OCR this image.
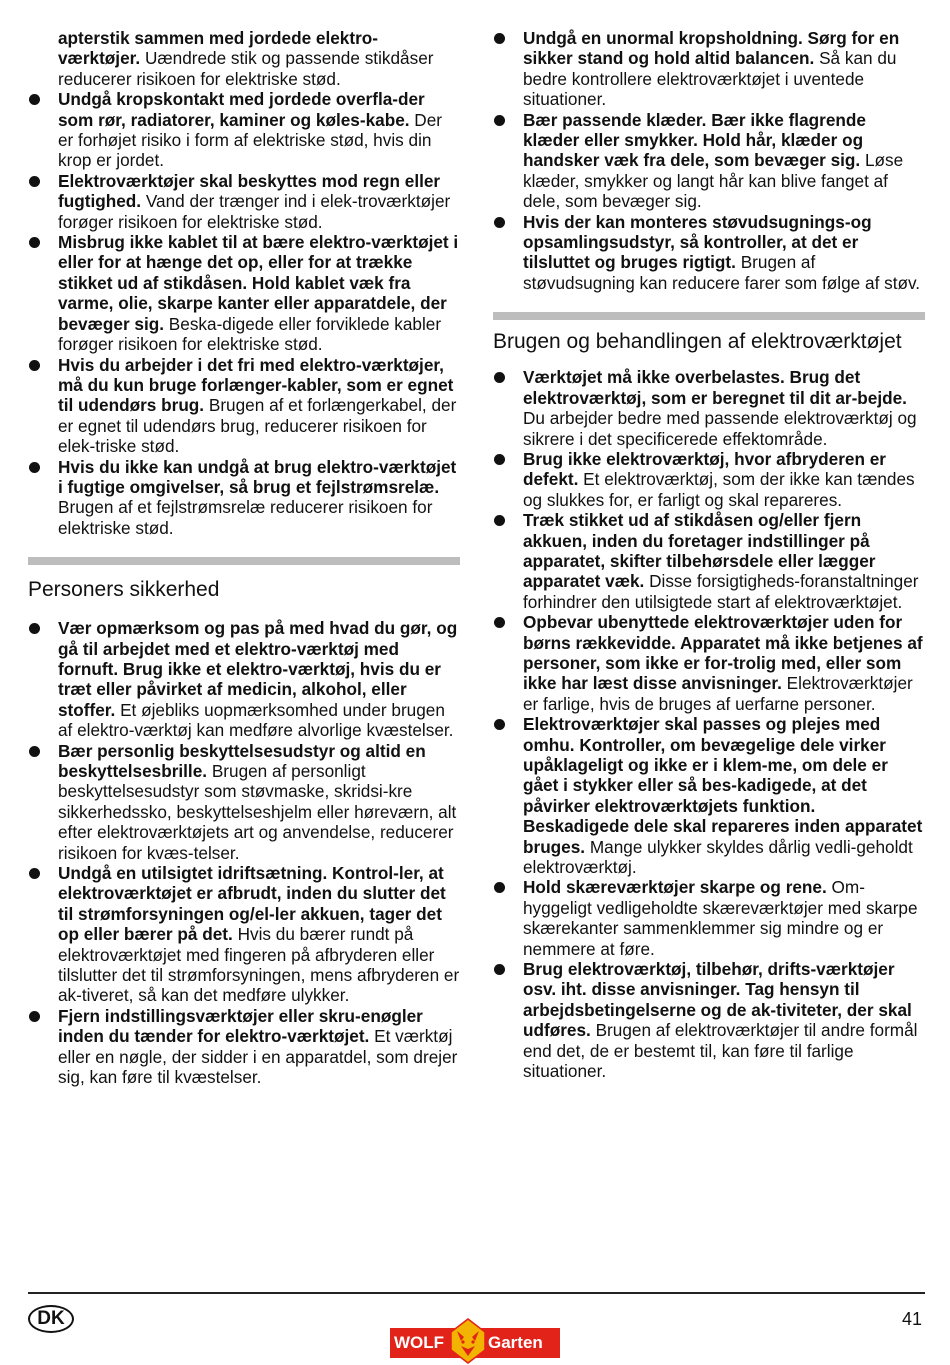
apterstik sammen med jordede elektro-værktøjer. Uændrede stik og passende stikdåser reducerer risikoen for elektriske stød.

Undgå kropskontakt med jordede overfla-der som rør, radiatorer, kaminer og køles-kabe. Der er forhøjet risiko i form af elektriske stød, hvis din krop er jordet.

Elektroværktøjer skal beskyttes mod regn eller fugtighed. Vand der trænger ind i elek-troværktøjer forøger risikoen for elektriske stød.

Misbrug ikke kablet til at bære elektro-værktøjet i eller for at hænge det op, eller for at trække stikket ud af stikdåsen. Hold kablet væk fra varme, olie, skarpe kanter eller apparatdele, der bevæger sig. Beska-digede eller forviklede kabler forøger risikoen for elektriske stød.

Hvis du arbejder i det fri med elektro-værktøjer, må du kun bruge forlænger-kabler, som er egnet til udendørs brug. Brugen af et forlængerkabel, der er egnet til udendørs brug, reducerer risikoen for elek-triske stød.

Hvis du ikke kan undgå at brug elektro-værktøjet i fugtige omgivelser, så brug et fejlstrømsrelæ. Brugen af et fejlstrømsrelæ reducerer risikoen for elektriske stød.

Personers sikkerhed

Vær opmærksom og pas på med hvad du gør, og gå til arbejdet med et elektro-værktøj med fornuft. Brug ikke et elektro-værktøj, hvis du er træt eller påvirket af medicin, alkohol, eller stoffer. Et øjebliks uopmærksomhed under brugen af elektro-værktøj kan medføre alvorlige kvæstelser.

Bær personlig beskyttelsesudstyr og altid en beskyttelsesbrille. Brugen af personligt beskyttelsesudstyr som støvmaske, skridsi-kre sikkerhedssko, beskyttelseshjelm eller høreværn, alt efter elektroværktøjets art og anvendelse, reducerer risikoen for kvæs-telser.

Undgå en utilsigtet idriftsætning. Kontrol-ler, at elektroværktøjet er afbrudt, inden du slutter det til strømforsyningen og/el-ler akkuen, tager det op eller bærer på det. Hvis du bærer rundt på elektroværktøjet med fingeren på afbryderen eller tilslutter det til strømforsyningen, mens afbryderen er ak-tiveret, så kan det medføre ulykker.

Fjern indstillingsværktøjer eller skru-enøgler inden du tænder for elektro-værktøjet. Et værktøj eller en nøgle, der sidder i en apparatdel, som drejer sig, kan føre til kvæstelser.

Undgå en unormal kropsholdning. Sørg for en sikker stand og hold altid balancen. Så kan du bedre kontrollere elektroværktøjet i uventede situationer.

Bær passende klæder. Bær ikke flagrende klæder eller smykker. Hold hår, klæder og handsker væk fra dele, som bevæger sig. Løse klæder, smykker og langt hår kan blive fanget af dele, som bevæger sig.

Hvis der kan monteres støvudsugnings-og opsamlingsudstyr, så kontroller, at det er tilsluttet og bruges rigtigt. Brugen af støvudsugning kan reducere farer som følge af støv.

Brugen og behandlingen af elektroværktøjet

Værktøjet må ikke overbelastes. Brug det elektroværktøj, som er beregnet til dit ar-bejde. Du arbejder bedre med passende elektroværktøj og sikrere i det specificerede effektområde.

Brug ikke elektroværktøj, hvor afbryderen er defekt. Et elektroværktøj, som der ikke kan tændes og slukkes for, er farligt og skal repareres.

Træk stikket ud af stikdåsen og/eller fjern akkuen, inden du foretager indstillinger på apparatet, skifter tilbehørsdele eller lægger apparatet væk. Disse forsigtigheds-foranstaltninger forhindrer den utilsigtede start af elektroværktøjet.

Opbevar ubenyttede elektroværktøjer uden for børns rækkevidde. Apparatet må ikke betjenes af personer, som ikke er for-trolig med, eller som ikke har læst disse anvisninger. Elektroværktøjer er farlige, hvis de bruges af uerfarne personer.

Elektroværktøjer skal passes og plejes med omhu. Kontroller, om bevægelige dele virker upåklageligt og ikke er i klem-me, om dele er gået i stykker eller så bes-kadigede, at det påvirker elektroværktøjets funktion. Beskadigede dele skal repareres inden apparatet bruges. Mange ulykker skyldes dårlig vedli-geholdt elektroværktøj.

Hold skæreværktøjer skarpe og rene. Om-hyggeligt vedligeholdte skæreværktøjer med skarpe skærekanter sammenklemmer sig mindre og er nemmere at føre.

Brug elektroværktøj, tilbehør, drifts-værktøjer osv. iht. disse anvisninger. Tag hensyn til arbejdsbetingelserne og de ak-tiviteter, der skal udføres. Brugen af elektroværktøjer til andre formål end det, de er bestemt til, kan føre til farlige situationer.

DK	41
WOLF	Garten
